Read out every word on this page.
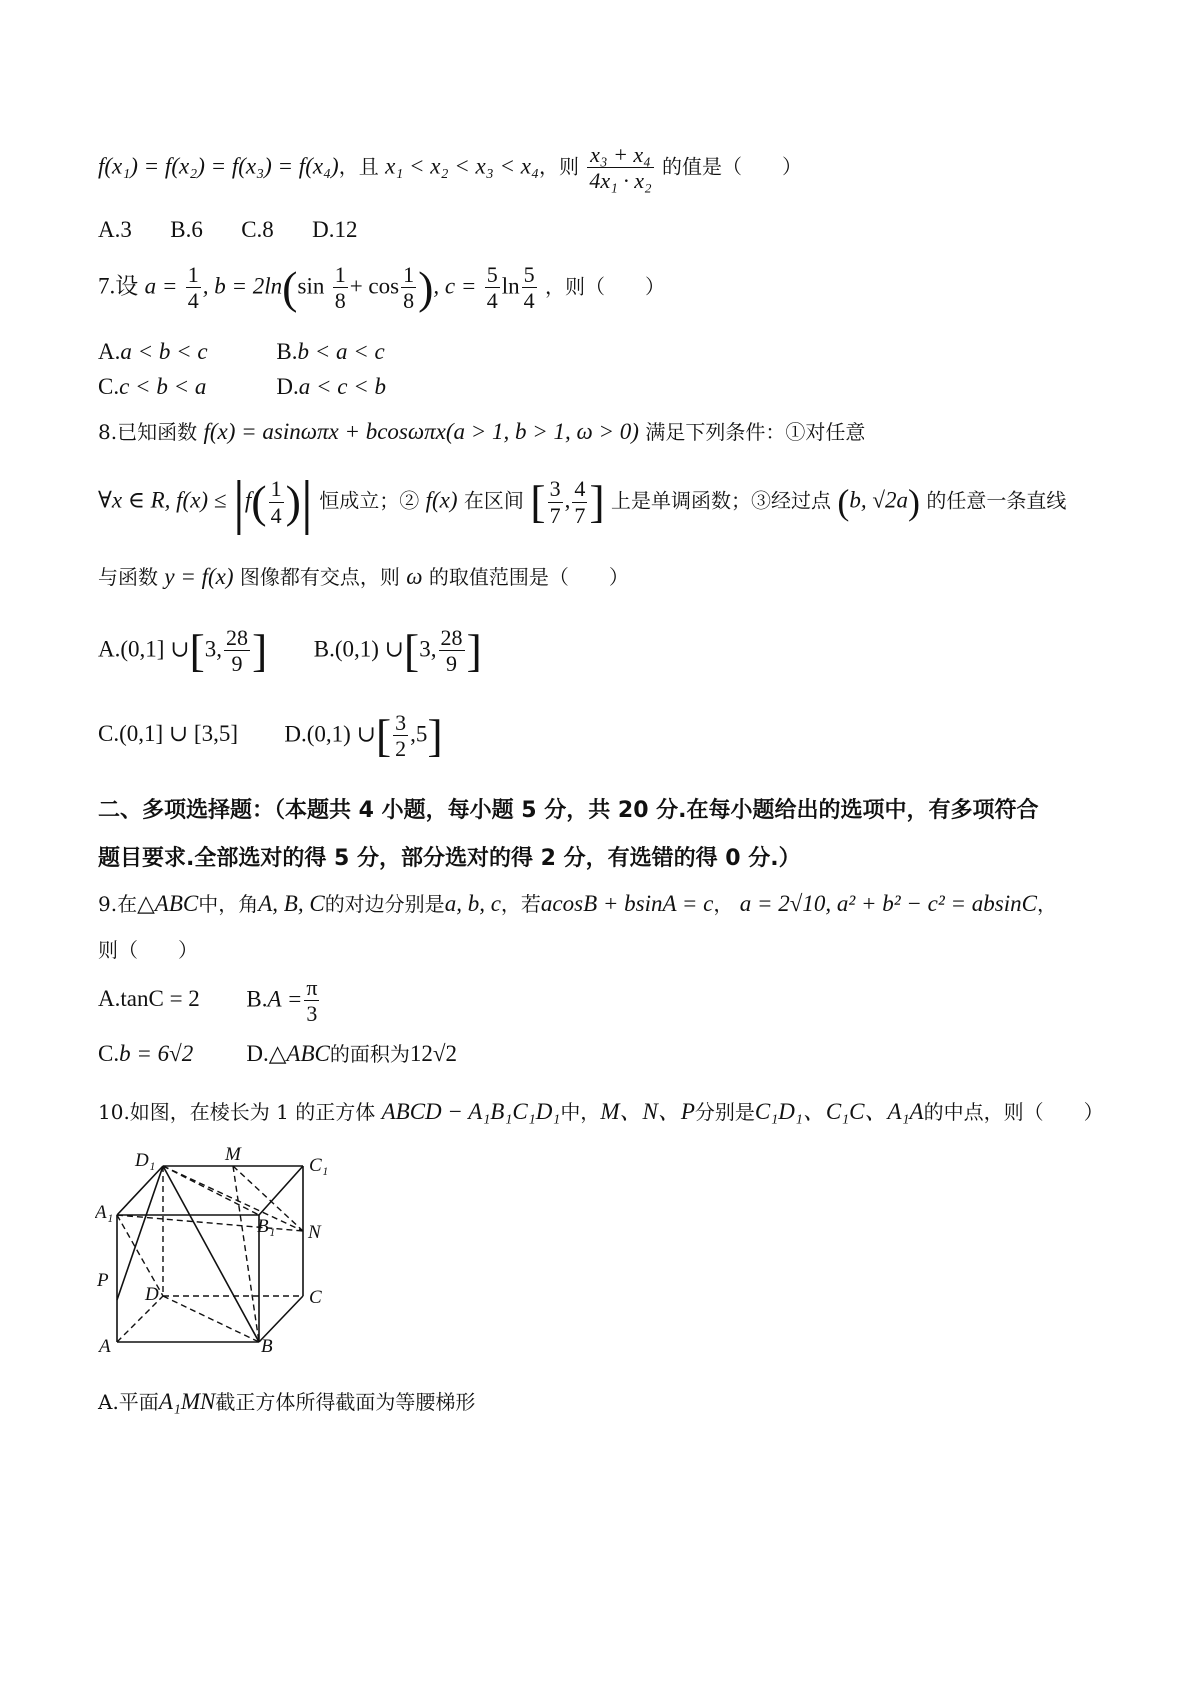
f(x₁) = f(x₂) = f(x₃) = f(x₄)，且 x₁ < x₂ < x₃ < x₄，则 $\frac{\text{x₃ + x₄}}{\text{4x₁ · x₂}}$ 的值是（　　）
A.3 B.6 C.8 D.12
7.设 $a = \frac{1}{4}$ , $b = 2\ln(\sin \frac{1}{8} + \cos \frac{1}{8}$ ), $c = \frac{5}{4}$ $\ln \frac{5}{4}$ ，则（　　）
A.a < b < c	B.b < a < c
C.c < b < a	D.a < c < b
8.已知函数 f(x) = asinωπx + bcosωπx(a > 1, b > 1, ω > 0) 满足下列条件：①对任意
∀x ∈ R, $f(x) \le |f( \frac{1}{4}$ )| 恒成立；② f(x) 在区间 [ $\frac{3}{7}$ , $\frac{4}{7}$ ] 上是单调函数；③经过点 (b, √2a) 的任意一条直线
与函数 y = f(x) 图像都有交点，则 ω 的取值范围是（　　）
A.(0,1] ∪[3, $\frac{28}{9}$ ] B.(0,1) ∪[3, $\frac{28}{9}$ ]
C.(0,1] ∪ [3,5] D.(0,1) ∪[ $\frac{3}{2} ,5$]
二、多项选择题：（本题共 4 小题，每小题 5 分，共 20 分.在每小题给出的选项中，有多项符合
题目要求.全部选对的得 5 分，部分选对的得 2 分，有选错的得 0 分.）
9.在△ABC中，角A, B, C的对边分别是a, b, c，若acosB + bsinA = c， a = 2√10, a² + b² − c² = absinC，
则（　　）
A.tanC = 2 $B.A = \frac{\pi}{3}$
C.b = 6√2 D.△ABC的面积为12√2
10.如图，在棱长为 1 的正方体 ABCD − A₁B₁C₁D₁中，M、N、P分别是C₁D₁、C₁C、A₁A的中点，则（　　）
D₁	M
C₁
A₁
B₁ N
P
D	C
A	B
A.平面A₁MN截正方体所得截面为等腰梯形
